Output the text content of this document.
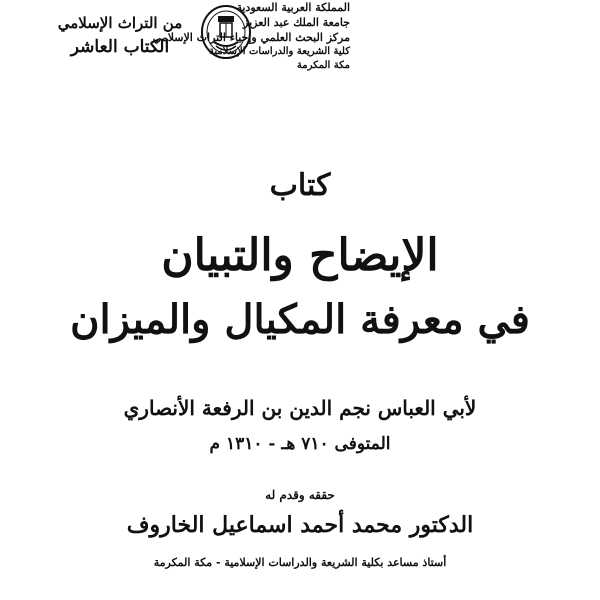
المملكة العربية السعودية
جامعة الملك عبد العزيز
مركز البحث العلمي وإحياء التراث الإسلامي
كلية الشريعة والدراسات الإسلامية
مكة المكرمة
من التراث الإسلامي
الكتاب العاشر
كتاب
الإيضاح والتبيان
في معرفة المكيال والميزان
لأبي العباس نجم الدين بن الرفعة الأنصاري
المتوفى ٧١٠ هـ - ١٣١٠ م
حققه وقدم له
الدكتور محمد أحمد اسماعيل الخاروف
أستاذ مساعد بكلية الشريعة والدراسات الإسلامية - مكة المكرمة
